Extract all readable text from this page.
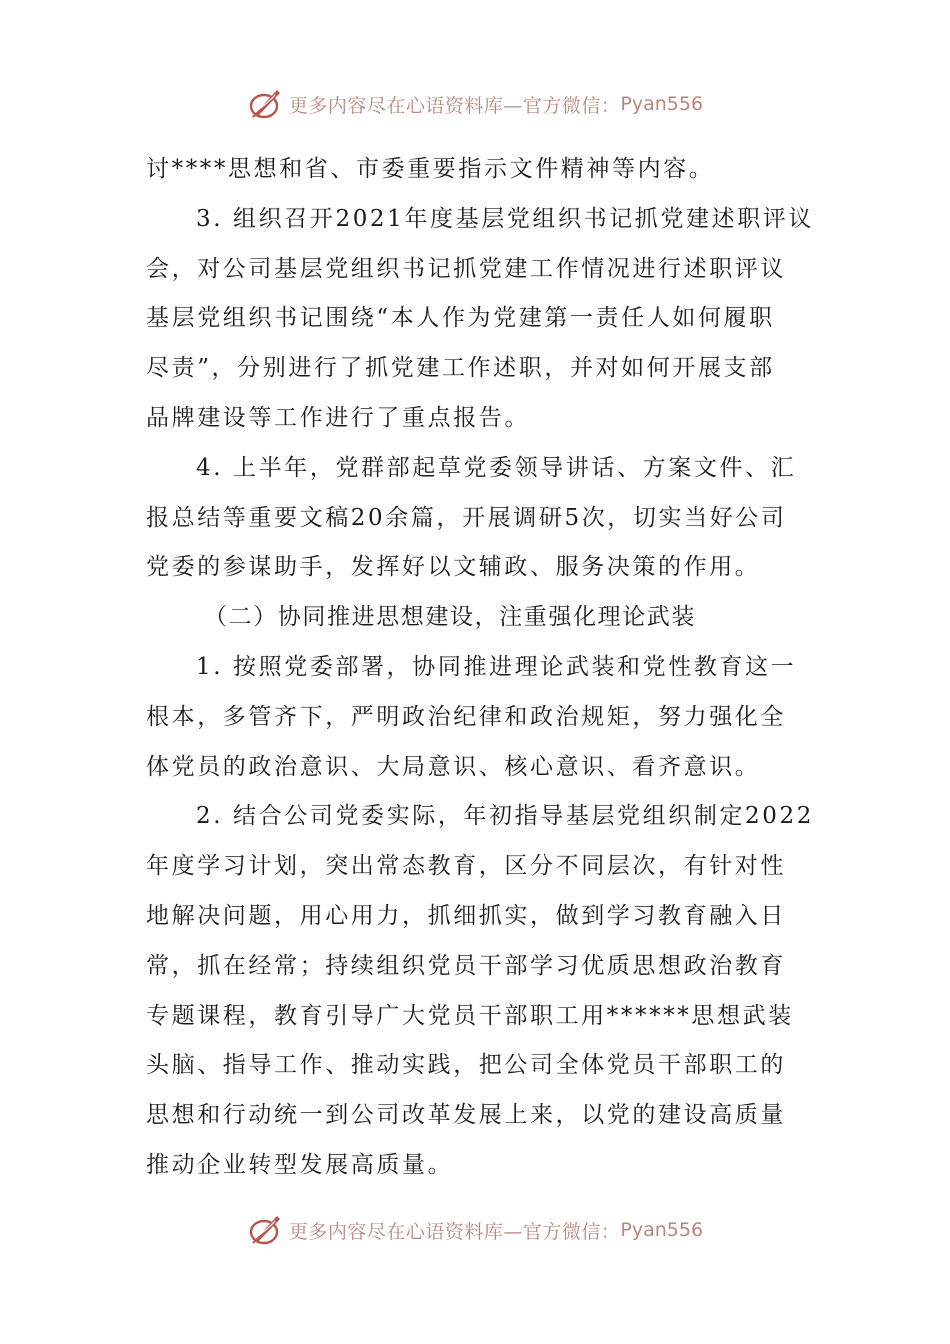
更多内容尽在心语资料库—官方微信： Pyan556
讨****思想和省、市委重要指示文件精神等内容。
3. 组织召开2021年度基层党组织书记抓党建述职评议
会，对公司基层党组织书记抓党建工作情况进行述职评议
基层党组织书记围绕“本人作为党建第一责任人如何履职
尽责”，分别进行了抓党建工作述职，并对如何开展支部
品牌建设等工作进行了重点报告。
4. 上半年，党群部起草党委领导讲话、方案文件、汇
报总结等重要文稿20余篇，开展调研5次，切实当好公司
党委的参谋助手，发挥好以文辅政、服务决策的作用。
（二）协同推进思想建设，注重强化理论武装
1. 按照党委部署，协同推进理论武装和党性教育这一
根本，多管齐下，严明政治纪律和政治规矩，努力强化全
体党员的政治意识、大局意识、核心意识、看齐意识。
2. 结合公司党委实际，年初指导基层党组织制定2022
年度学习计划，突出常态教育，区分不同层次，有针对性
地解决问题，用心用力，抓细抓实，做到学习教育融入日
常，抓在经常；持续组织党员干部学习优质思想政治教育
专题课程，教育引导广大党员干部职工用******思想武装
头脑、指导工作、推动实践，把公司全体党员干部职工的
思想和行动统一到公司改革发展上来，以党的建设高质量
推动企业转型发展高质量。
更多内容尽在心语资料库—官方微信： Pyan556
